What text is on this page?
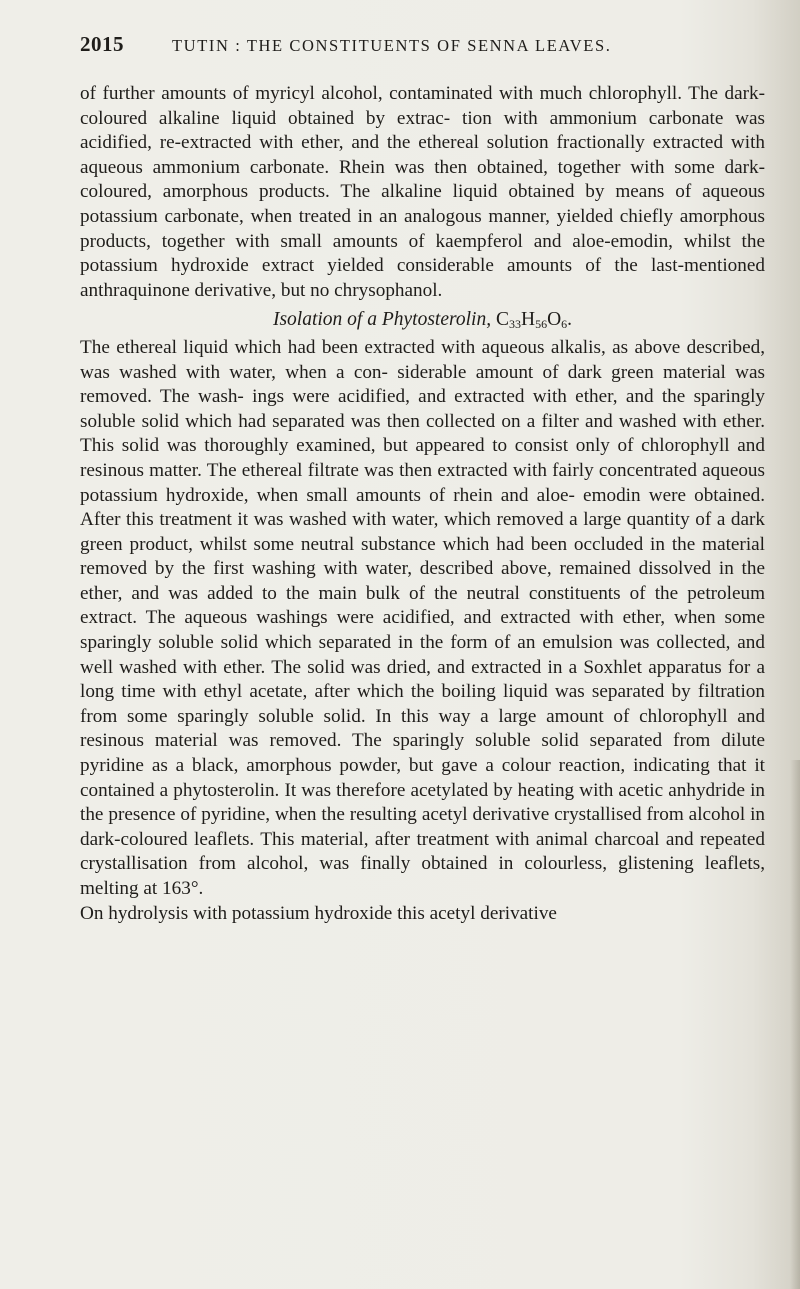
2015	TUTIN : THE CONSTITUENTS OF SENNA LEAVES.

of further amounts of myricyl alcohol, contaminated with much chlorophyll. The dark-coloured alkaline liquid obtained by extrac- tion with ammonium carbonate was acidified, re-extracted with ether, and the ethereal solution fractionally extracted with aqueous ammonium carbonate. Rhein was then obtained, together with some dark-coloured, amorphous products. The alkaline liquid obtained by means of aqueous potassium carbonate, when treated in an analogous manner, yielded chiefly amorphous products, together with small amounts of kaempferol and aloe-emodin, whilst the potassium hydroxide extract yielded considerable amounts of the last-mentioned anthraquinone derivative, but no chrysophanol.

Isolation of a Phytosterolin, $C_{33}H_{56}O_6$.

The ethereal liquid which had been extracted with aqueous alkalis, as above described, was washed with water, when a con- siderable amount of dark green material was removed. The wash- ings were acidified, and extracted with ether, and the sparingly soluble solid which had separated was then collected on a filter and washed with ether. This solid was thoroughly examined, but appeared to consist only of chlorophyll and resinous matter. The ethereal filtrate was then extracted with fairly concentrated aqueous potassium hydroxide, when small amounts of rhein and aloe- emodin were obtained. After this treatment it was washed with water, which removed a large quantity of a dark green product, whilst some neutral substance which had been occluded in the material removed by the first washing with water, described above, remained dissolved in the ether, and was added to the main bulk of the neutral constituents of the petroleum extract. The aqueous washings were acidified, and extracted with ether, when some sparingly soluble solid which separated in the form of an emulsion was collected, and well washed with ether. The solid was dried, and extracted in a Soxhlet apparatus for a long time with ethyl acetate, after which the boiling liquid was separated by filtration from some sparingly soluble solid. In this way a large amount of chlorophyll and resinous material was removed. The sparingly soluble solid separated from dilute pyridine as a black, amorphous powder, but gave a colour reaction, indicating that it contained a phytosterolin. It was therefore acetylated by heating with acetic anhydride in the presence of pyridine, when the resulting acetyl derivative crystallised from alcohol in dark-coloured leaflets. This material, after treatment with animal charcoal and repeated crystallisation from alcohol, was finally obtained in colourless, glistening leaflets, melting at 163°.

On hydrolysis with potassium hydroxide this acetyl derivative
